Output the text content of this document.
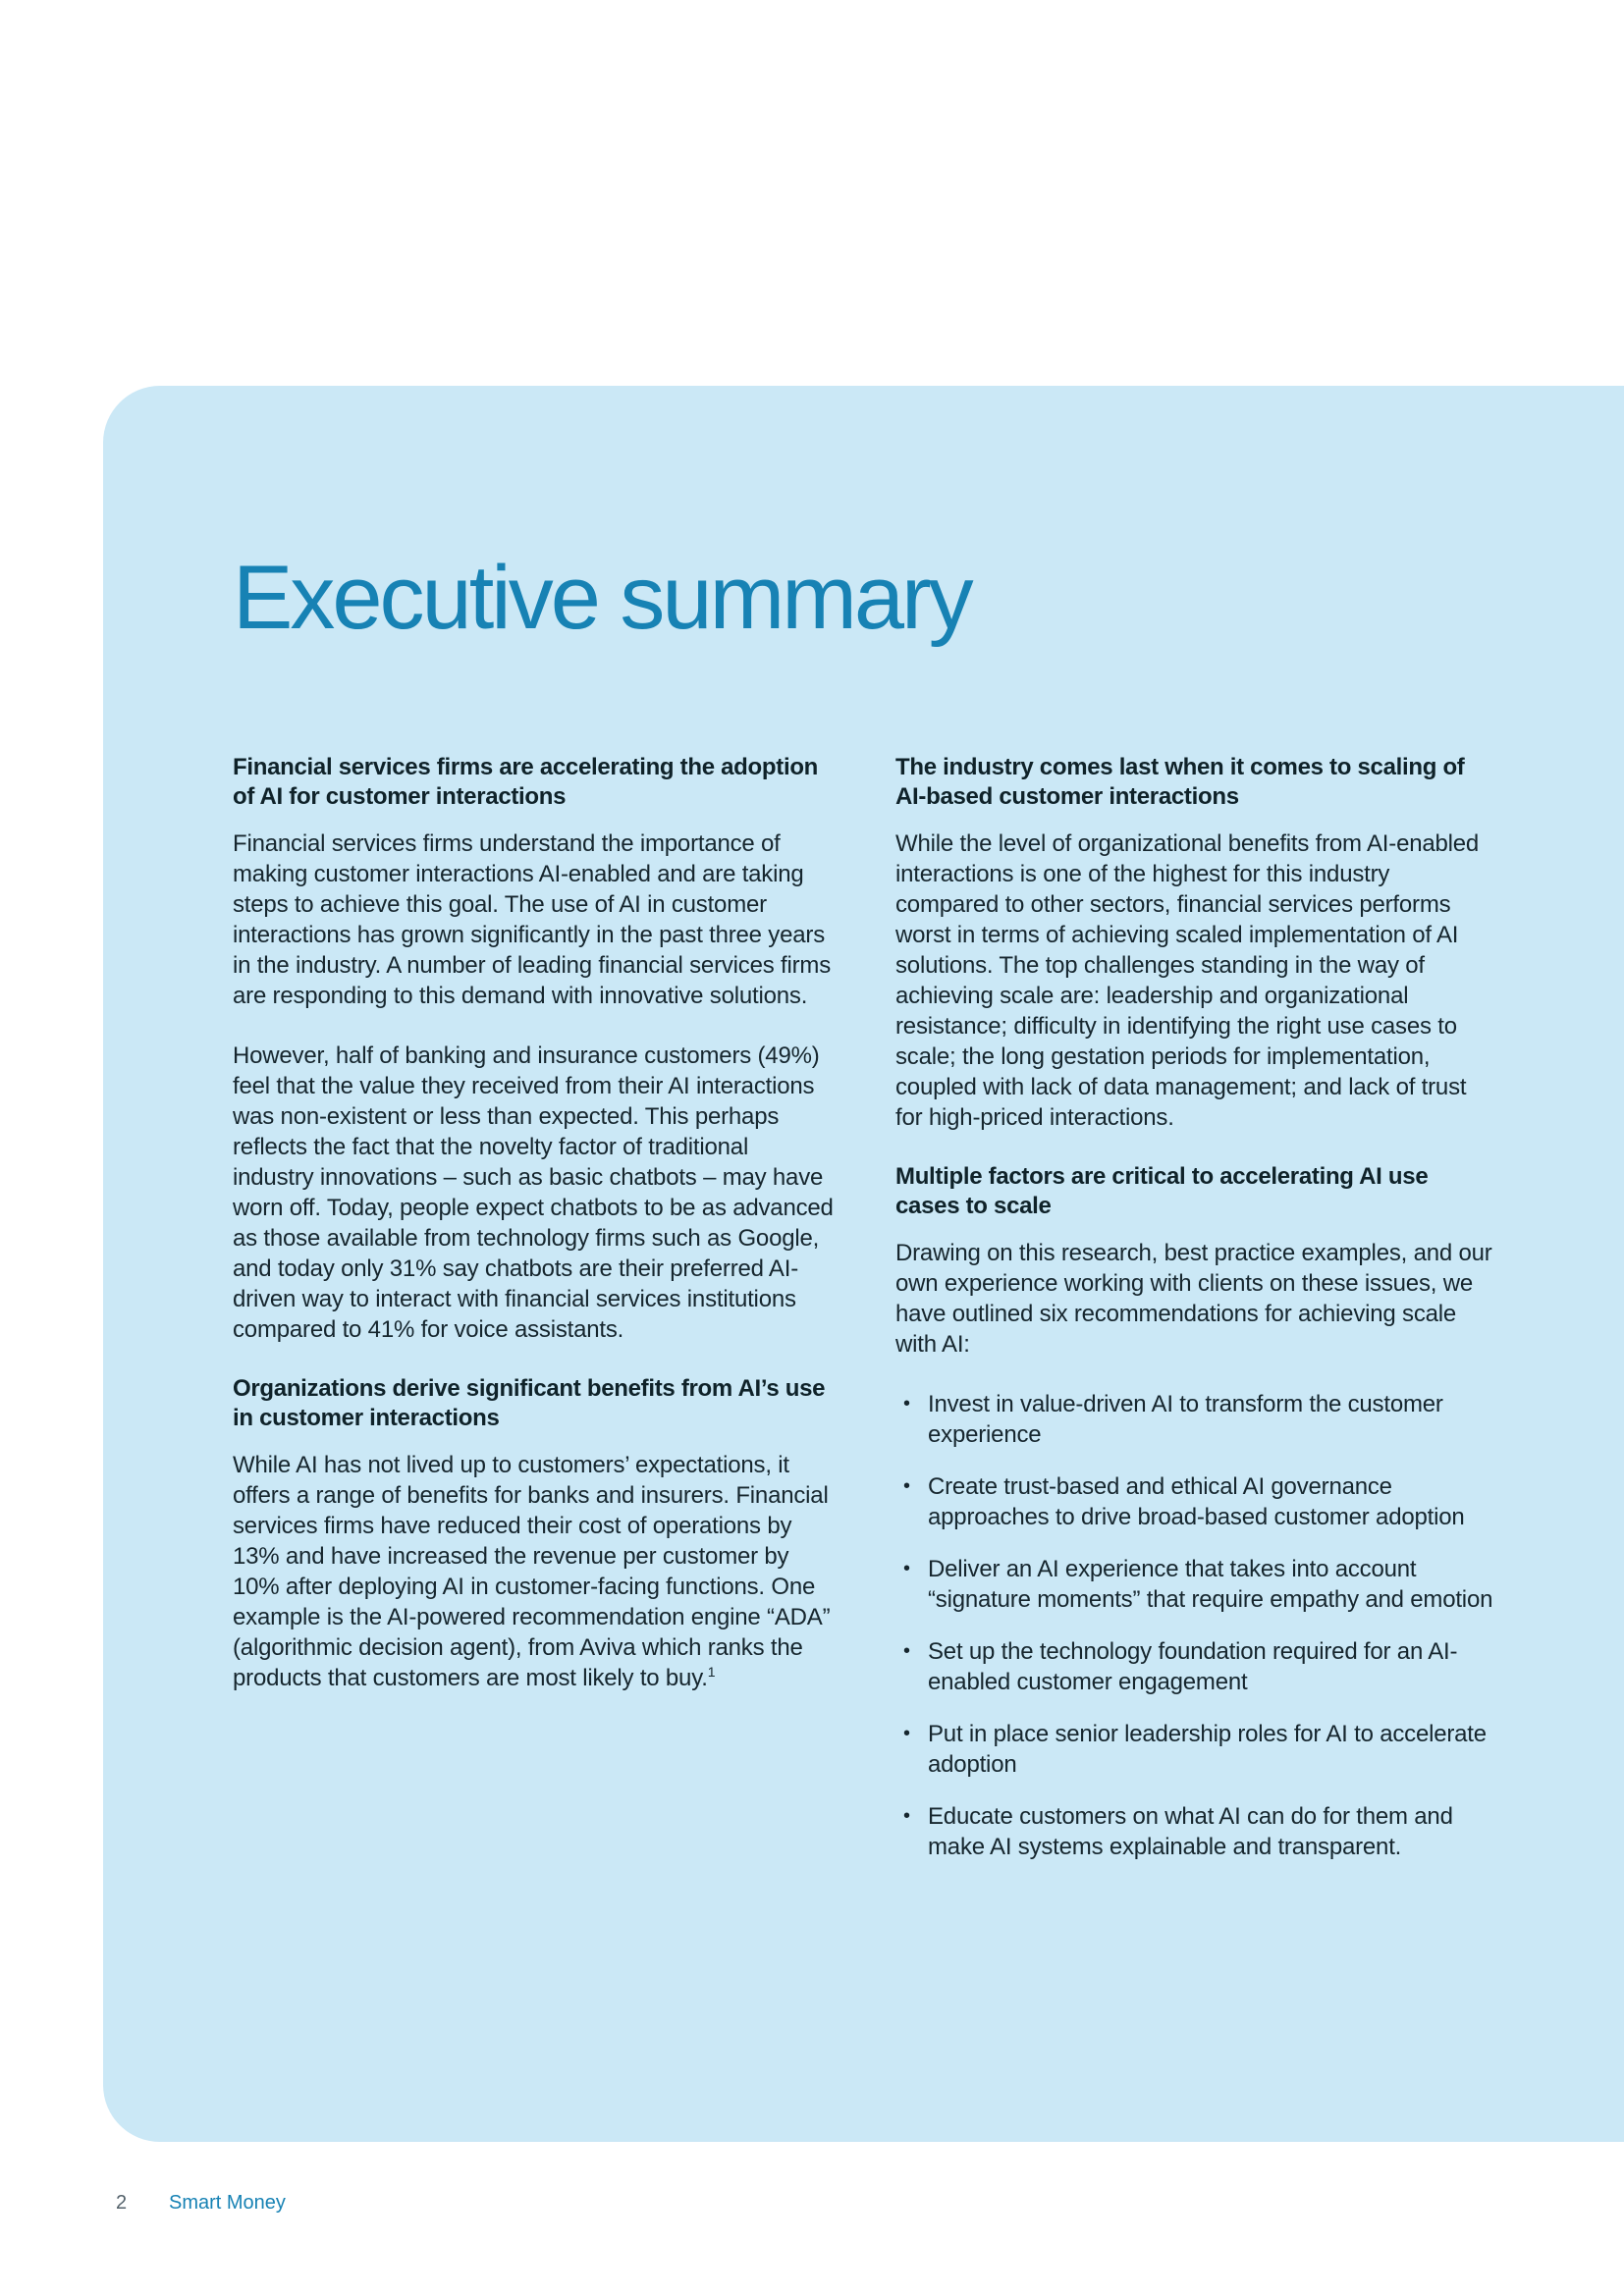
Executive summary
Financial services firms are accelerating the adoption of AI for customer interactions

Financial services firms understand the importance of making customer interactions AI-enabled and are taking steps to achieve this goal. The use of AI in customer interactions has grown significantly in the past three years in the industry. A number of leading financial services firms are responding to this demand with innovative solutions.

However, half of banking and insurance customers (49%) feel that the value they received from their AI interactions was non-existent or less than expected. This perhaps reflects the fact that the novelty factor of traditional industry innovations – such as basic chatbots – may have worn off. Today, people expect chatbots to be as advanced as those available from technology firms such as Google, and today only 31% say chatbots are their preferred AI-driven way to interact with financial services institutions compared to 41% for voice assistants.

Organizations derive significant benefits from AI’s use in customer interactions

While AI has not lived up to customers’ expectations, it offers a range of benefits for banks and insurers. Financial services firms have reduced their cost of operations by 13% and have increased the revenue per customer by 10% after deploying AI in customer-facing functions. One example is the AI-powered recommendation engine “ADA” (algorithmic decision agent), from Aviva which ranks the products that customers are most likely to buy.$^1$

The industry comes last when it comes to scaling of AI-based customer interactions

While the level of organizational benefits from AI-enabled interactions is one of the highest for this industry compared to other sectors, financial services performs worst in terms of achieving scaled implementation of AI solutions. The top challenges standing in the way of achieving scale are: leadership and organizational resistance; difficulty in identifying the right use cases to scale; the long gestation periods for implementation, coupled with lack of data management; and lack of trust for high-priced interactions.

Multiple factors are critical to accelerating AI use cases to scale

Drawing on this research, best practice examples, and our own experience working with clients on these issues, we have outlined six recommendations for achieving scale with AI:

• Invest in value-driven AI to transform the customer experience
• Create trust-based and ethical AI governance approaches to drive broad-based customer adoption
• Deliver an AI experience that takes into account “signature moments” that require empathy and emotion
• Set up the technology foundation required for an AI-enabled customer engagement
• Put in place senior leadership roles for AI to accelerate adoption
• Educate customers on what AI can do for them and make AI systems explainable and transparent.
2 Smart Money
